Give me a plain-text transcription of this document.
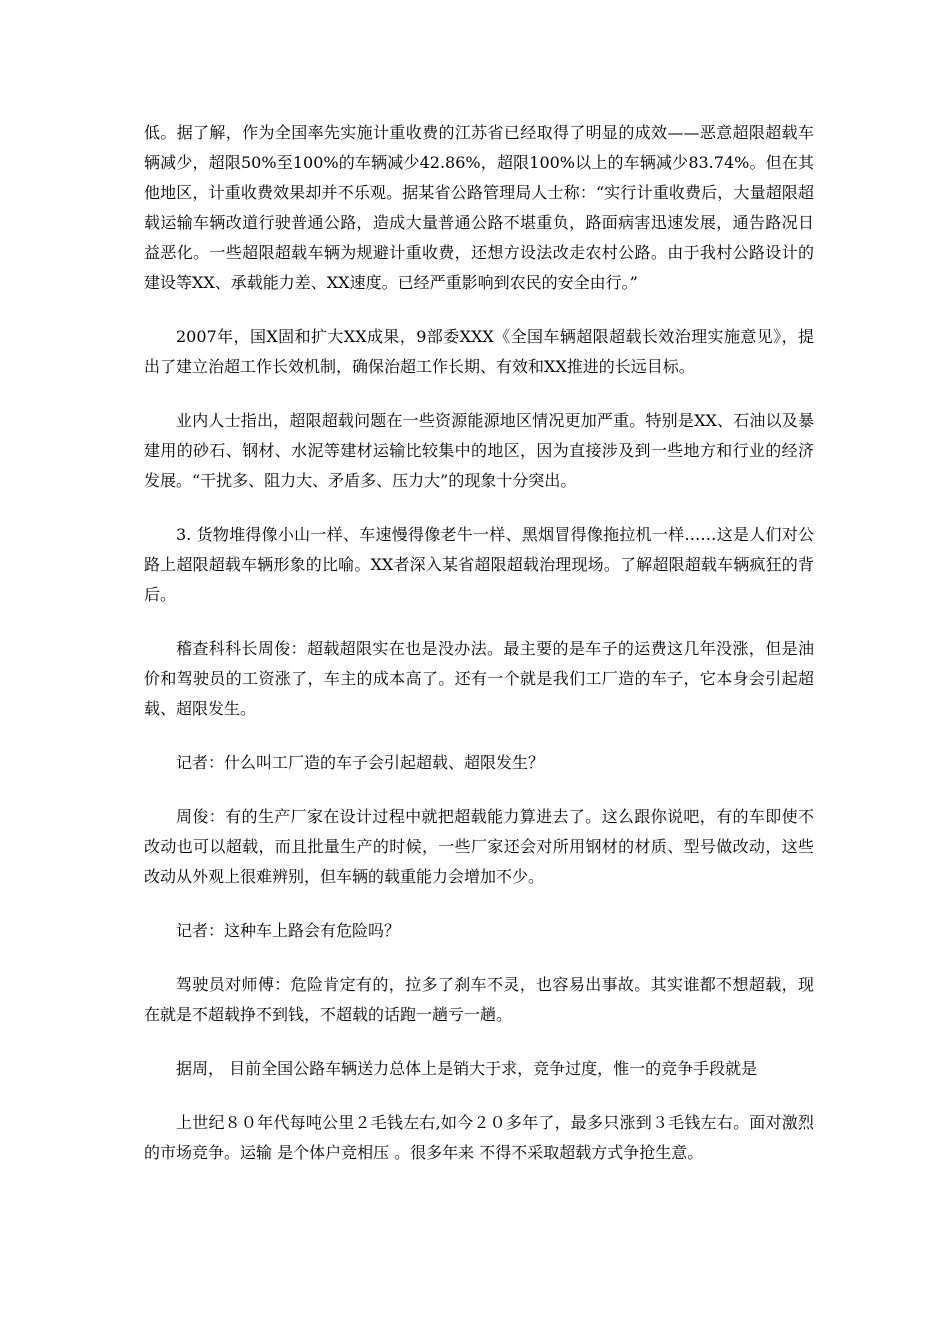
低。据了解，作为全国率先实施计重收费的江苏省已经取得了明显的成效——恶意超限超载车辆减少，超限50%至100%的车辆减少42.86%，超限100%以上的车辆减少83.74%。但在其他地区，计重收费效果却并不乐观。据某省公路管理局人士称：“实行计重收费后，大量超限超载运输车辆改道行驶普通公路，造成大量普通公路不堪重负，路面病害迅速发展，通告路况日益恶化。一些超限超载车辆为规避计重收费，还想方设法改走农村公路。由于我村公路设计的建设等XX、承载能力差、XX速度。已经严重影响到农民的安全由行。”

2007年，国X固和扩大XX成果，9部委XXX《全国车辆超限超载长效治理实施意见》，提出了建立治超工作长效机制，确保治超工作长期、有效和XX推进的长远目标。

业内人士指出，超限超载问题在一些资源能源地区情况更加严重。特别是XX、石油以及暴建用的砂石、钢材、水泥等建材运输比较集中的地区，因为直接涉及到一些地方和行业的经济发展。“干扰多、阻力大、矛盾多、压力大”的现象十分突出。

3. 货物堆得像小山一样、车速慢得像老牛一样、黑烟冒得像拖拉机一样……这是人们对公路上超限超载车辆形象的比喻。XX者深入某省超限超载治理现场。了解超限超载车辆疯狂的背后。

稽查科科长周俊：超载超限实在也是没办法。最主要的是车子的运费这几年没涨，但是油价和驾驶员的工资涨了，车主的成本高了。还有一个就是我们工厂造的车子，它本身会引起超载、超限发生。

记者：什么叫工厂造的车子会引起超载、超限发生？

周俊：有的生产厂家在设计过程中就把超载能力算进去了。这么跟你说吧，有的车即使不改动也可以超载，而且批量生产的时候，一些厂家还会对所用钢材的材质、型号做改动，这些改动从外观上很难辨别，但车辆的载重能力会增加不少。

记者：这种车上路会有危险吗？

驾驶员对师傅：危险肯定有的，拉多了刹车不灵，也容易出事故。其实谁都不想超载，现在就是不超载挣不到钱，不超载的话跑一趟亏一趟。

据周， 目前全国公路车辆送力总体上是销大于求，竞争过度，惟一的竞争手段就是

上世纪８０年代每吨公里２毛钱左右,如今２０多年了，最多只涨到３毛钱左右。面对激烈的市场竞争。运输 是个体户竞相压 。很多年来 不得不采取超载方式争抢生意。
